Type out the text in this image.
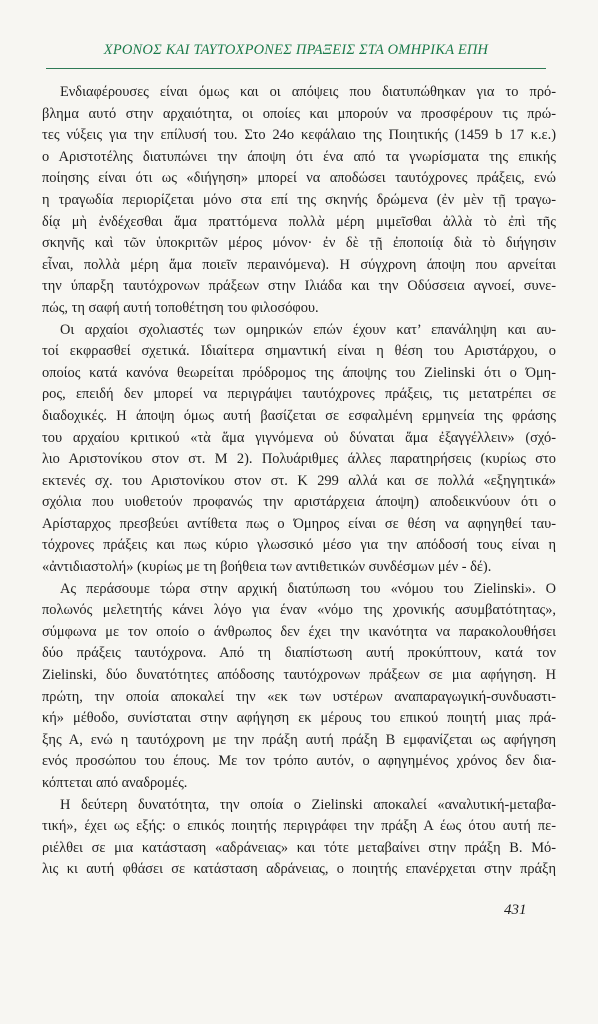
ΧΡΟΝΟΣ ΚΑΙ ΤΑΥΤΟΧΡΟΝΕΣ ΠΡΑΞΕΙΣ ΣΤΑ ΟΜΗΡΙΚΑ ΕΠΗ
Ενδιαφέρουσες είναι όμως και οι απόψεις που διατυπώθηκαν για το πρό-
βλημα αυτό στην αρχαιότητα, οι οποίες και μπορούν να προσφέρουν τις πρώ-
τες νύξεις για την επίλυσή του. Στο 24ο κεφάλαιο της Ποιητικής (1459 b 17 κ.ε.)
ο Αριστοτέλης διατυπώνει την άποψη ότι ένα από τα γνωρίσματα της επικής
ποίησης είναι ότι ως «διήγηση» μπορεί να αποδώσει ταυτόχρονες πράξεις, ενώ
η τραγωδία περιορίζεται μόνο στα επί της σκηνής δρώμενα (ἐν μὲν τῇ τραγω-
δίᾳ μὴ ἐνδέχεσθαι ἅμα πραττόμενα πολλὰ μέρη μιμεῖσθαι ἀλλὰ τὸ ἐπὶ τῆς
σκηνῆς καὶ τῶν ὑποκριτῶν μέρος μόνον· ἐν δὲ τῇ ἐποποιίᾳ διὰ τὸ διήγησιν
εἶναι, πολλὰ μέρη ἅμα ποιεῖν περαινόμενα). Η σύγχρονη άποψη που αρνείται
την ύπαρξη ταυτόχρονων πράξεων στην Ιλιάδα και την Οδύσσεια αγνοεί, συνε-
πώς, τη σαφή αυτή τοποθέτηση του φιλοσόφου.
Οι αρχαίοι σχολιαστές των ομηρικών επών έχουν κατ’ επανάληψη και αυ-
τοί εκφρασθεί σχετικά. Ιδιαίτερα σημαντική είναι η θέση του Αριστάρχου, ο
οποίος κατά κανόνα θεωρείται πρόδρομος της άποψης του Zielinski ότι ο Όμη-
ρος, επειδή δεν μπορεί να περιγράψει ταυτόχρονες πράξεις, τις μετατρέπει σε
διαδοχικές. Η άποψη όμως αυτή βασίζεται σε εσφαλμένη ερμηνεία της φράσης
του αρχαίου κριτικού «τὰ ἅμα γιγνόμενα οὐ δύναται ἅμα ἐξαγγέλλειν» (σχό-
λιο Αριστονίκου στον στ. Μ 2). Πολυάριθμες άλλες παρατηρήσεις (κυρίως στο
εκτενές σχ. του Αριστονίκου στον στ. Κ 299 αλλά και σε πολλά «εξηγητικά»
σχόλια που υιοθετούν προφανώς την αριστάρχεια άποψη) αποδεικνύουν ότι ο
Αρίσταρχος πρεσβεύει αντίθετα πως ο Όμηρος είναι σε θέση να αφηγηθεί ταυ-
τόχρονες πράξεις και πως κύριο γλωσσικό μέσο για την απόδοσή τους είναι η
«ἀντιδιαστολή» (κυρίως με τη βοήθεια των αντιθετικών συνδέσμων μέν - δέ).
Ας περάσουμε τώρα στην αρχική διατύπωση του «νόμου του Zielinski». Ο
πολωνός μελετητής κάνει λόγο για έναν «νόμο της χρονικής ασυμβατότητας»,
σύμφωνα με τον οποίο ο άνθρωπος δεν έχει την ικανότητα να παρακολουθήσει
δύο πράξεις ταυτόχρονα. Από τη διαπίστωση αυτή προκύπτουν, κατά τον
Zielinski, δύο δυνατότητες απόδοσης ταυτόχρονων πράξεων σε μια αφήγηση. Η
πρώτη, την οποία αποκαλεί την «εκ των υστέρων αναπαραγωγική-συνδυαστι-
κή» μέθοδο, συνίσταται στην αφήγηση εκ μέρους του επικού ποιητή μιας πρά-
ξης Α, ενώ η ταυτόχρονη με την πράξη αυτή πράξη Β εμφανίζεται ως αφήγηση
ενός προσώπου του έπους. Με τον τρόπο αυτόν, ο αφηγημένος χρόνος δεν δια-
κόπτεται από αναδρομές.
Η δεύτερη δυνατότητα, την οποία ο Zielinski αποκαλεί «αναλυτική-μεταβα-
τική», έχει ως εξής: ο επικός ποιητής περιγράφει την πράξη Α έως ότου αυτή πε-
ριέλθει σε μια κατάσταση «αδράνειας» και τότε μεταβαίνει στην πράξη Β. Μό-
λις κι αυτή φθάσει σε κατάσταση αδράνειας, ο ποιητής επανέρχεται στην πράξη
431
